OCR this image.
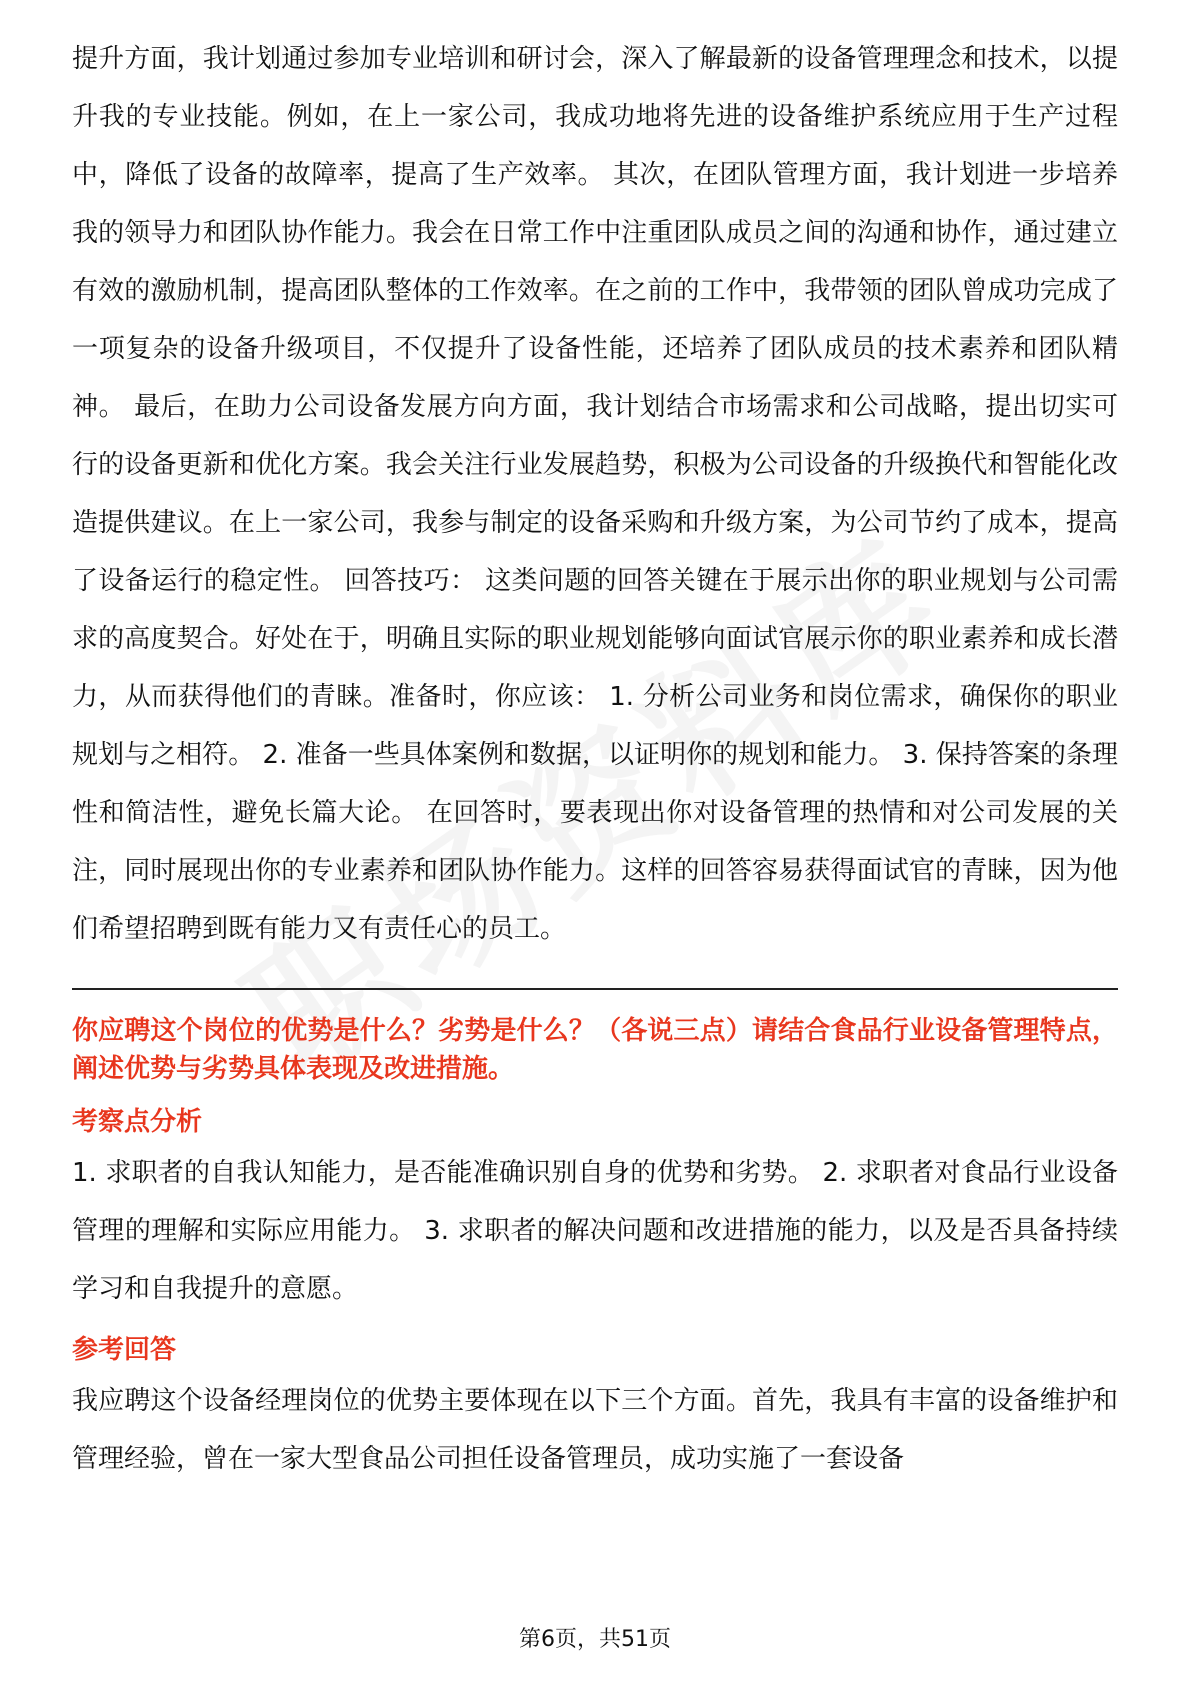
提升方面，我计划通过参加专业培训和研讨会，深入了解最新的设备管理理念和技术，以提升我的专业技能。例如，在上一家公司，我成功地将先进的设备维护系统应用于生产过程中，降低了设备的故障率，提高了生产效率。 其次，在团队管理方面，我计划进一步培养我的领导力和团队协作能力。我会在日常工作中注重团队成员之间的沟通和协作，通过建立有效的激励机制，提高团队整体的工作效率。在之前的工作中，我带领的团队曾成功完成了一项复杂的设备升级项目，不仅提升了设备性能，还培养了团队成员的技术素养和团队精神。 最后，在助力公司设备发展方向方面，我计划结合市场需求和公司战略，提出切实可行的设备更新和优化方案。我会关注行业发展趋势，积极为公司设备的升级换代和智能化改造提供建议。在上一家公司，我参与制定的设备采购和升级方案，为公司节约了成本，提高了设备运行的稳定性。 回答技巧： 这类问题的回答关键在于展示出你的职业规划与公司需求的高度契合。好处在于，明确且实际的职业规划能够向面试官展示你的职业素养和成长潜力，从而获得他们的青睐。准备时，你应该： 1. 分析公司业务和岗位需求，确保你的职业规划与之相符。 2. 准备一些具体案例和数据，以证明你的规划和能力。 3. 保持答案的条理性和简洁性，避免长篇大论。 在回答时，要表现出你对设备管理的热情和对公司发展的关注，同时展现出你的专业素养和团队协作能力。这样的回答容易获得面试官的青睐，因为他们希望招聘到既有能力又有责任心的员工。

你应聘这个岗位的优势是什么？劣势是什么？（各说三点）请结合食品行业设备管理特点，阐述优势与劣势具体表现及改进措施。

考察点分析

1. 求职者的自我认知能力，是否能准确识别自身的优势和劣势。 2. 求职者对食品行业设备管理的理解和实际应用能力。 3. 求职者的解决问题和改进措施的能力，以及是否具备持续学习和自我提升的意愿。

参考回答

我应聘这个设备经理岗位的优势主要体现在以下三个方面。首先，我具有丰富的设备维护和管理经验，曾在一家大型食品公司担任设备管理员，成功实施了一套设备

第6页，共51页
